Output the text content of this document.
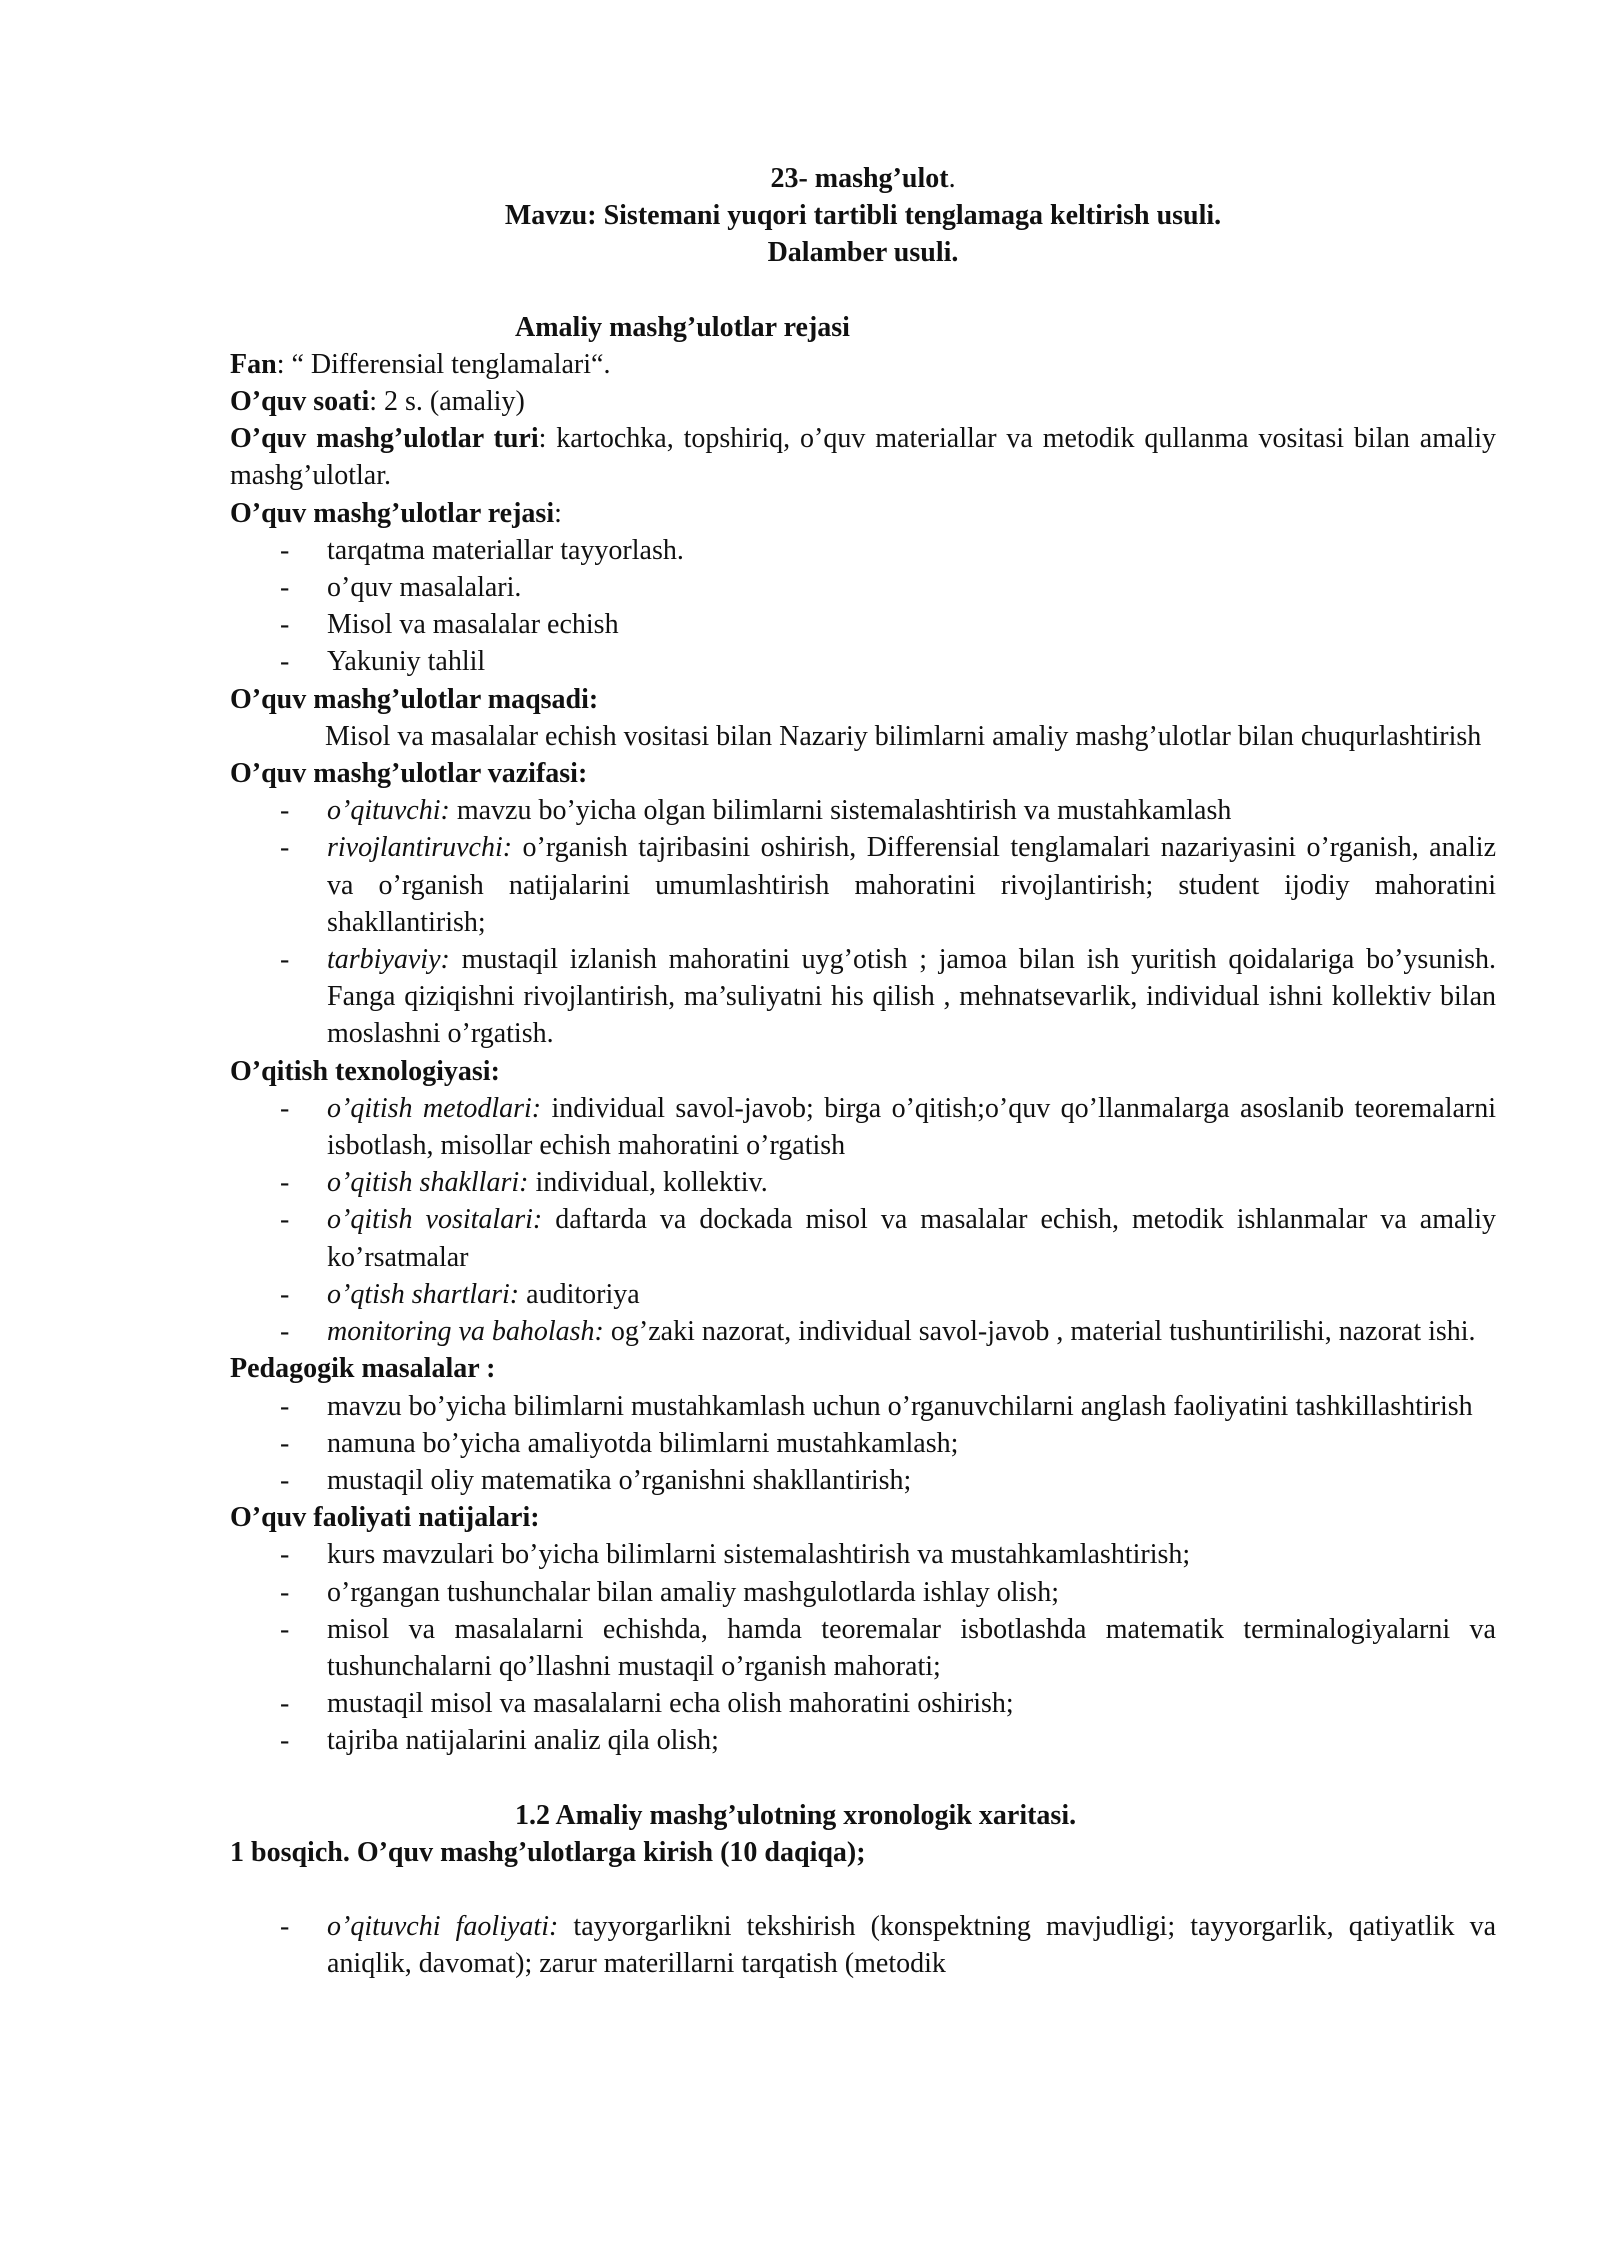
23- mashg’ulot.

Mavzu: Sistemani yuqori tartibli tenglamaga keltirish usuli.

Dalamber usuli.

Amaliy mashg’ulotlar rejasi

Fan: “ Differensial tenglamalari“.

O’quv soati: 2 s. (amaliy)

O’quv mashg’ulotlar turi: kartochka, topshiriq, o’quv materiallar va metodik qullanma vositasi bilan amaliy mashg’ulotlar.

O’quv mashg’ulotlar rejasi:

- tarqatma materiallar tayyorlash.
- o’quv masalalari.
- Misol va masalalar echish
- Yakuniy tahlil

O’quv mashg’ulotlar maqsadi:

Misol va masalalar echish vositasi bilan Nazariy bilimlarni amaliy mashg’ulotlar bilan chuqurlashtirish

O’quv mashg’ulotlar vazifasi:

- o’qituvchi: mavzu bo’yicha olgan bilimlarni sistemalashtirish va mustahkamlash
- rivojlantiruvchi: o’rganish tajribasini oshirish, Differensial tenglamalari nazariyasini o’rganish, analiz va o’rganish natijalarini umumlashtirish mahoratini rivojlantirish; student ijodiy mahoratini shakllantirish;
- tarbiyaviy: mustaqil izlanish mahoratini uyg’otish ; jamoa bilan ish yuritish qoidalariga bo’ysunish. Fanga qiziqishni rivojlantirish, ma’suliyatni his qilish , mehnatsevarlik, individual ishni kollektiv bilan moslashni o’rgatish.

O’qitish texnologiyasi:

- o’qitish metodlari: individual savol-javob; birga o’qitish;o’quv qo’llanmalarga asoslanib teoremalarni isbotlash, misollar echish mahoratini o’rgatish
- o’qitish shakllari: individual, kollektiv.
- o’qitish vositalari: daftarda va dockada misol va masalalar echish, metodik ishlanmalar va amaliy ko’rsatmalar
- o’qtish shartlari: auditoriya
- monitoring va baholash: og’zaki nazorat, individual savol-javob , material tushuntirilishi, nazorat ishi.

Pedagogik masalalar :

- mavzu bo’yicha bilimlarni mustahkamlash uchun o’rganuvchilarni anglash faoliyatini tashkillashtirish
- namuna bo’yicha amaliyotda bilimlarni mustahkamlash;
- mustaqil oliy matematika o’rganishni shakllantirish;

O’quv faoliyati natijalari:

- kurs mavzulari bo’yicha bilimlarni sistemalashtirish va mustahkamlashtirish;
- o’rgangan tushunchalar bilan amaliy mashgulotlarda ishlay olish;
- misol va masalalarni echishda, hamda teoremalar isbotlashda matematik terminalogiyalarni va tushunchalarni qo’llashni mustaqil o’rganish mahorati;
- mustaqil misol va masalalarni echa olish mahoratini oshirish;
- tajriba natijalarini analiz qila olish;

1.2 Amaliy mashg’ulotning xronologik xaritasi.

1 bosqich. O’quv mashg’ulotlarga kirish (10 daqiqa);

- o’qituvchi faoliyati: tayyorgarlikni tekshirish (konspektning mavjudligi; tayyorgarlik, qatiyatlik va aniqlik, davomat); zarur materillarni tarqatish (metodik
